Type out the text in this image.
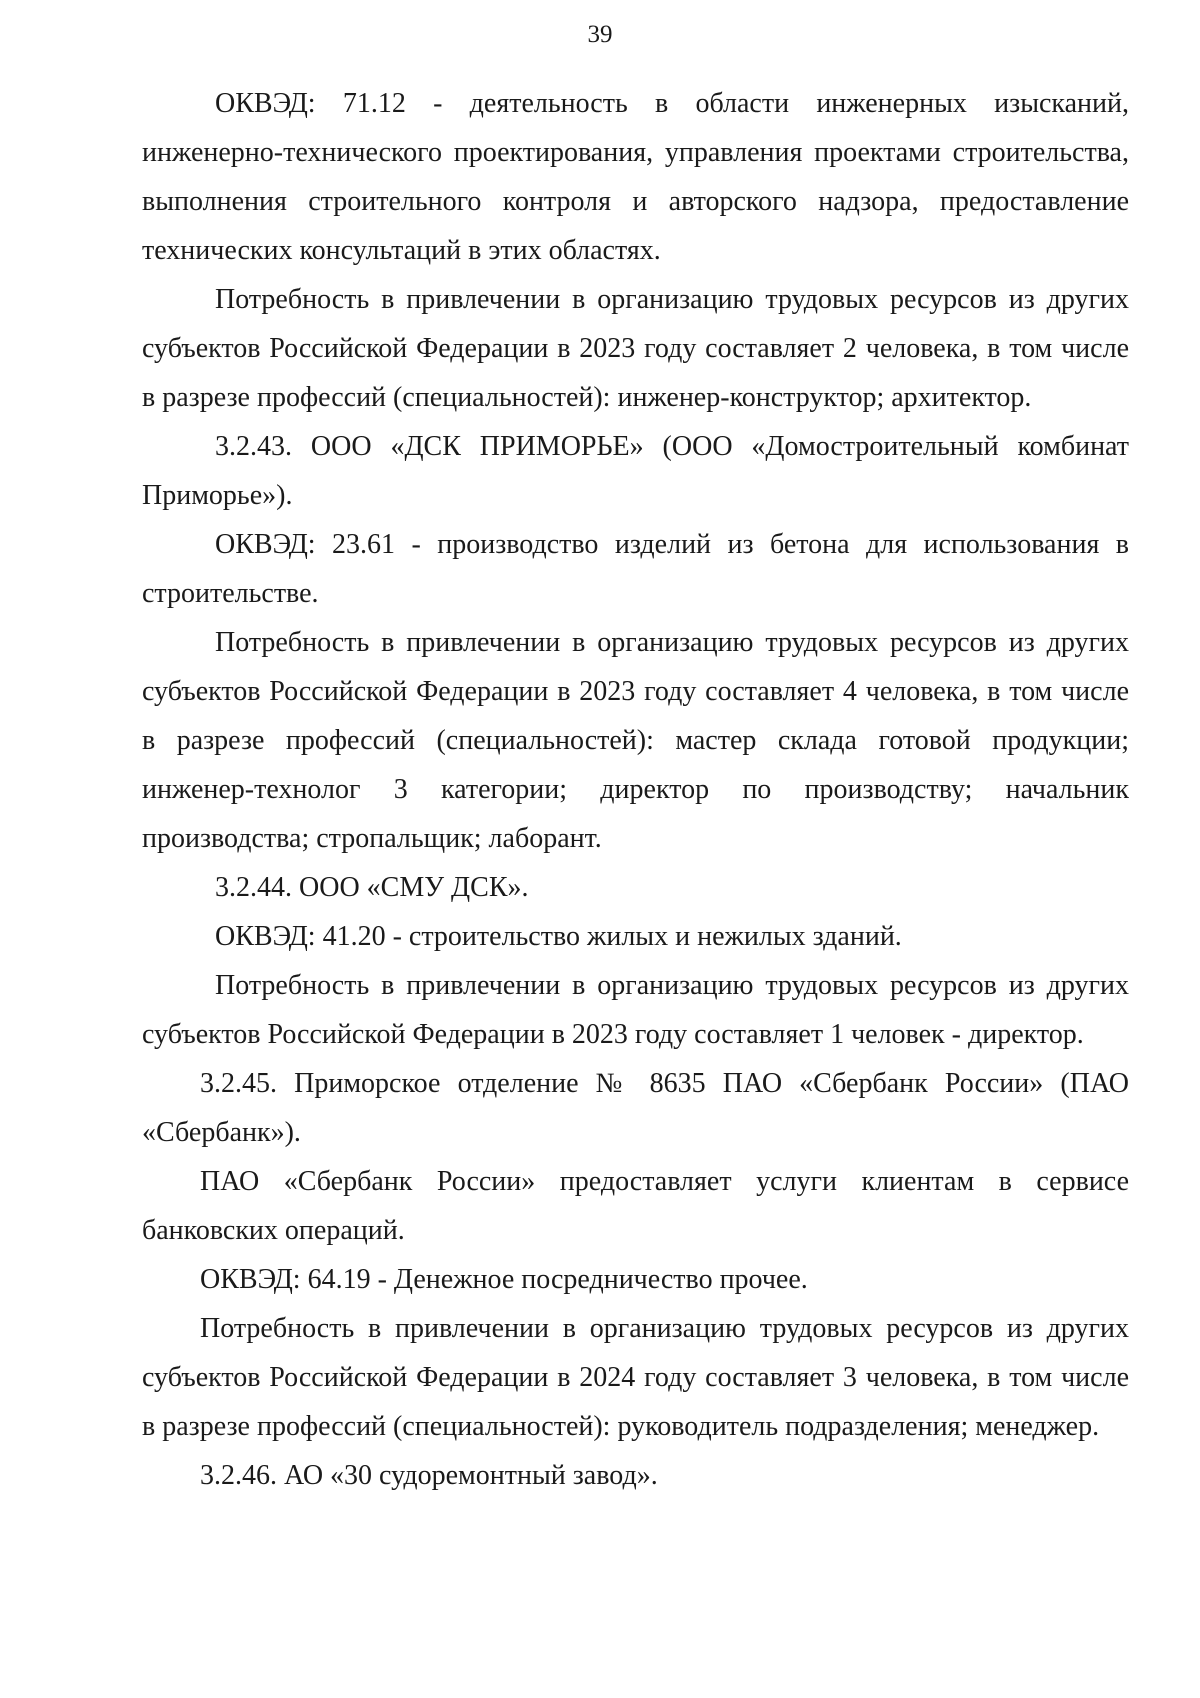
39

ОКВЭД: 71.12 - деятельность в области инженерных изысканий, инженерно-технического проектирования, управления проектами строительства, выполнения строительного контроля и авторского надзора, предоставление технических консультаций в этих областях.

Потребность в привлечении в организацию трудовых ресурсов из других субъектов Российской Федерации в 2023 году составляет 2 человека, в том числе в разрезе профессий (специальностей): инженер-конструктор; архитектор.

3.2.43. ООО «ДСК ПРИМОРЬЕ» (ООО «Домостроительный комбинат Приморье»).

ОКВЭД: 23.61 - производство изделий из бетона для использования в строительстве.

Потребность в привлечении в организацию трудовых ресурсов из других субъектов Российской Федерации в 2023 году составляет 4 человека, в том числе в разрезе профессий (специальностей): мастер склада готовой продукции; инженер-технолог 3 категории; директор по производству; начальник производства; стропальщик; лаборант.

3.2.44. ООО «СМУ ДСК».

ОКВЭД: 41.20 - строительство жилых и нежилых зданий.

Потребность в привлечении в организацию трудовых ресурсов из других субъектов Российской Федерации в 2023 году составляет 1 человек - директор.

3.2.45. Приморское отделение № 8635 ПАО «Сбербанк России» (ПАО «Сбербанк»).

ПАО «Сбербанк России» предоставляет услуги клиентам в сервисе банковских операций.

ОКВЭД: 64.19 - Денежное посредничество прочее.

Потребность в привлечении в организацию трудовых ресурсов из других субъектов Российской Федерации в 2024 году составляет 3 человека, в том числе в разрезе профессий (специальностей): руководитель подразделения; менеджер.

3.2.46. АО «30 судоремонтный завод».
